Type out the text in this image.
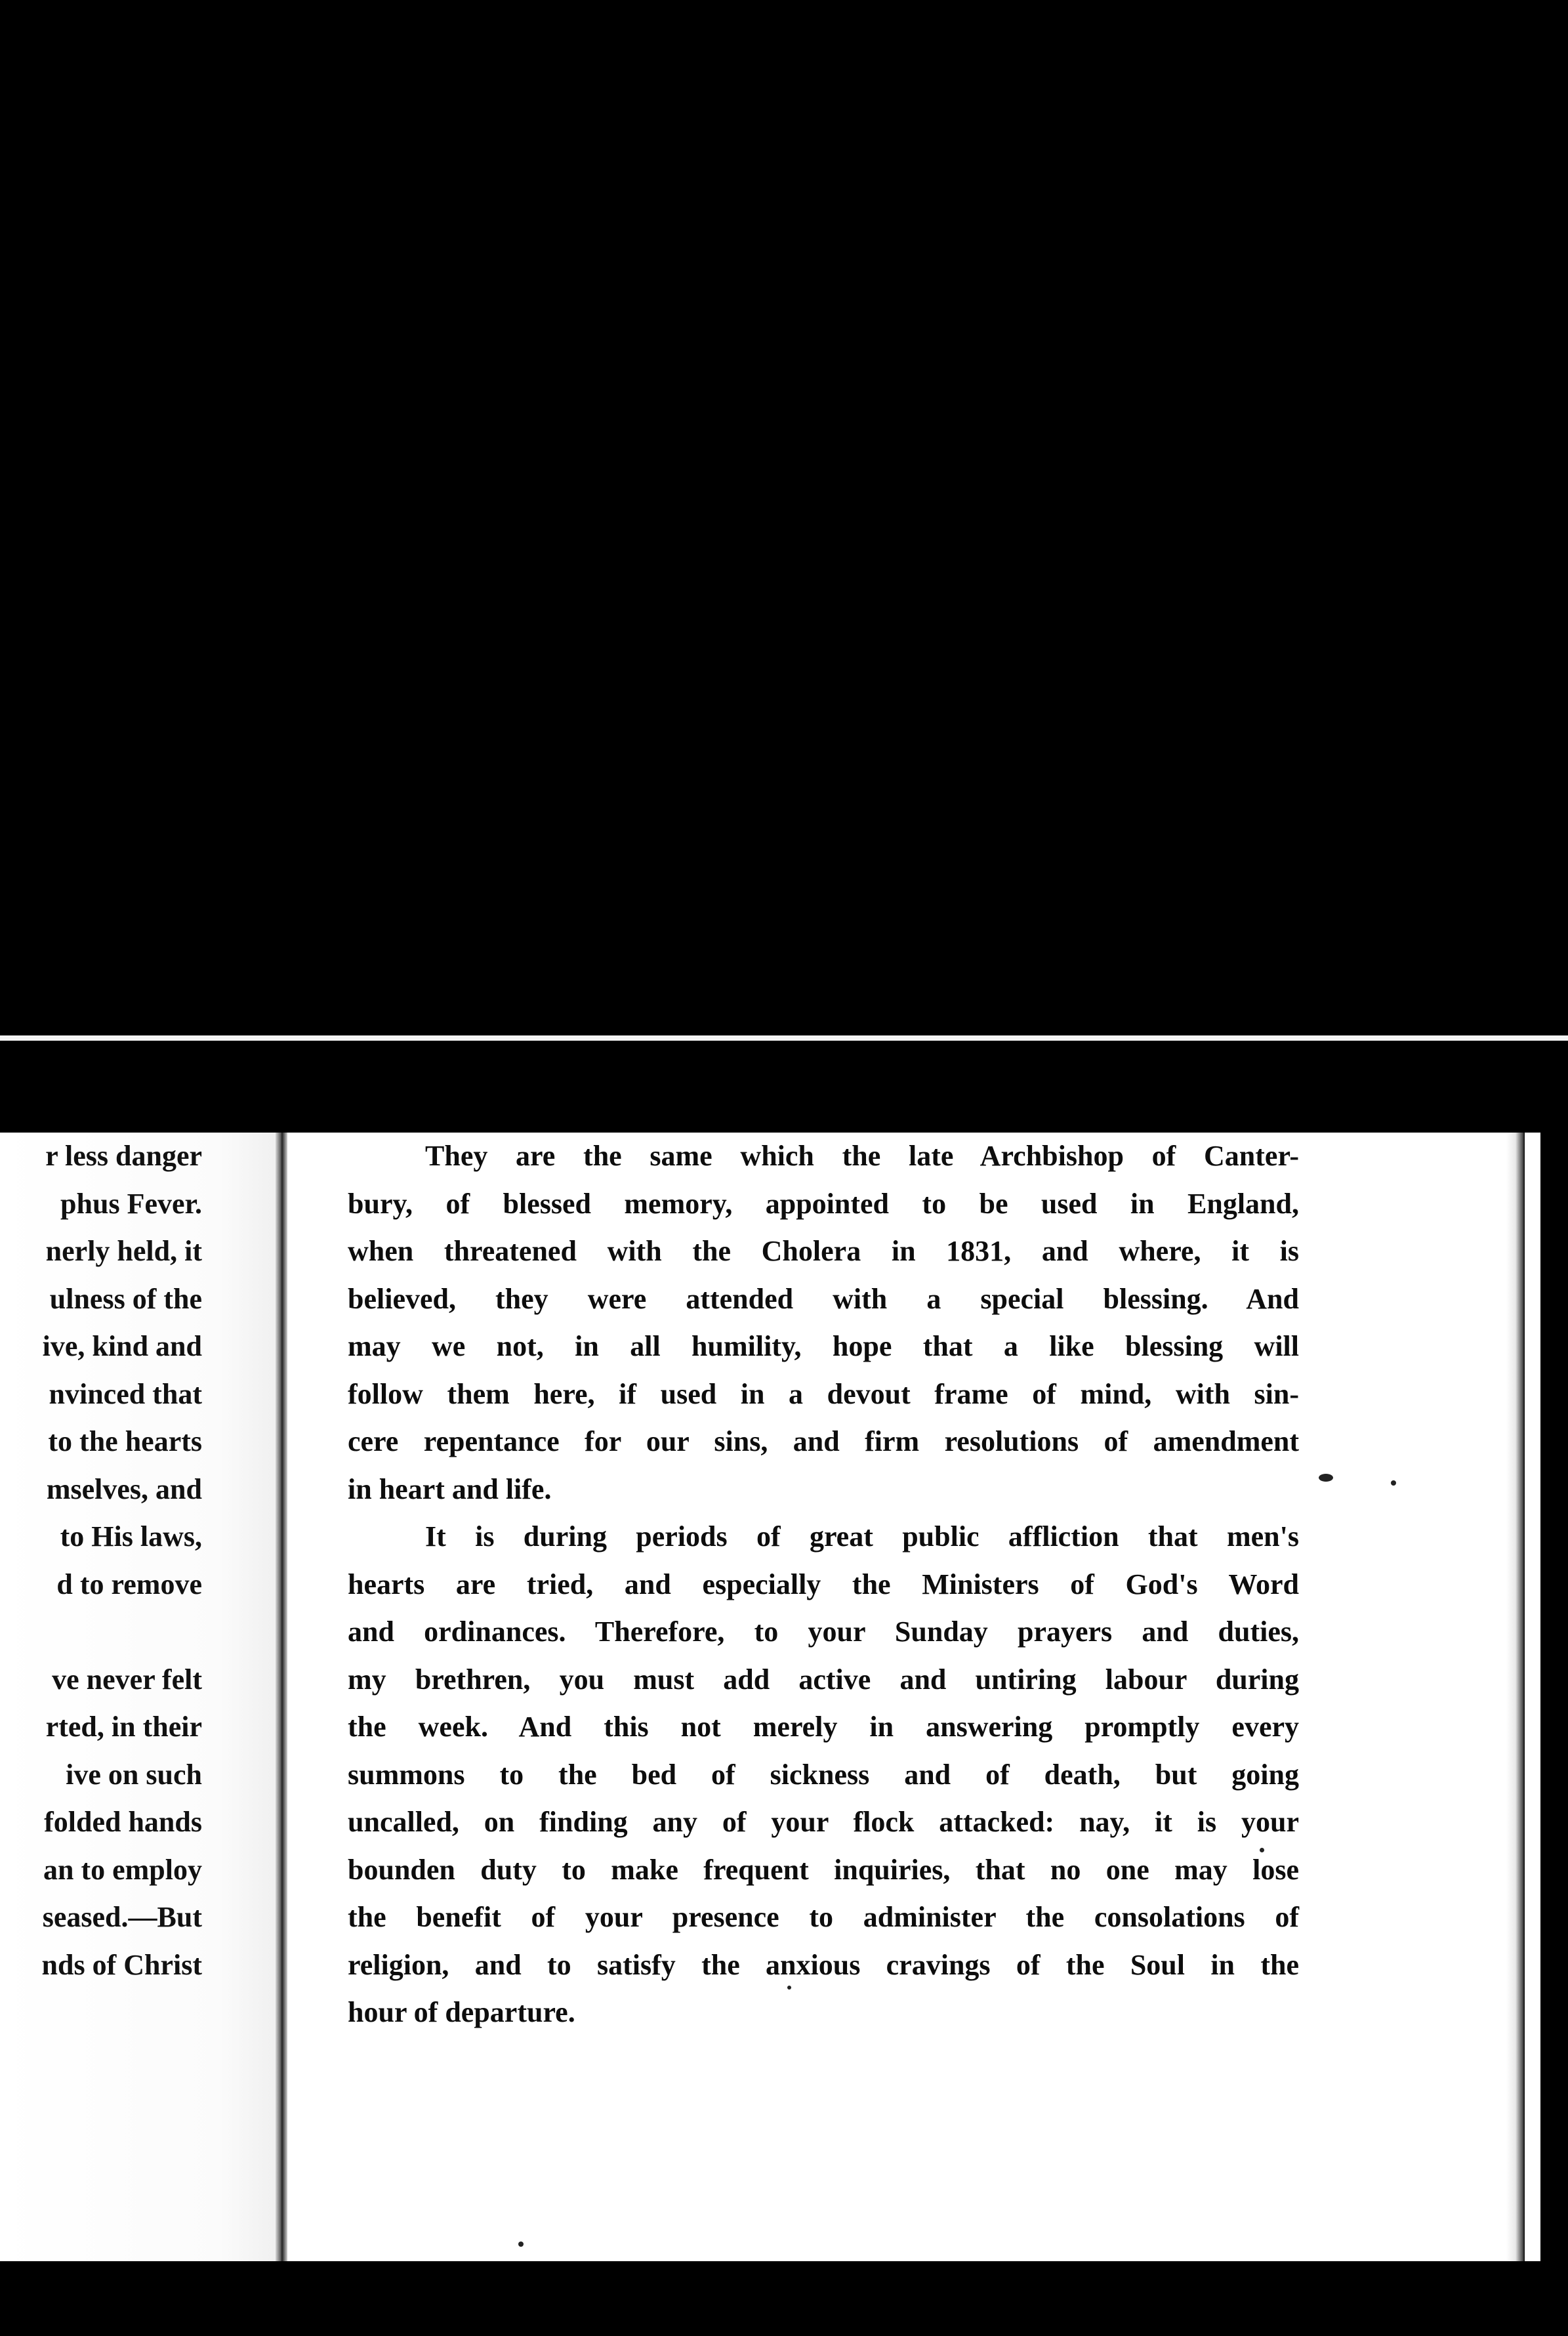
r less danger
phus Fever.
nerly held, it
ulness of the
ive, kind and
nvinced that
to the hearts
mselves, and
to His laws,
d to remove
ve never felt
rted, in their
ive on such
folded hands
an to employ
seased.—But
nds of Christ
They are the same which the late Archbishop of Canter-
bury, of blessed memory, appointed to be used in England,
when threatened with the Cholera in 1831, and where, it is
believed, they were attended with a special blessing. And
may we not, in all humility, hope that a like blessing will
follow them here, if used in a devout frame of mind, with sin-
cere repentance for our sins, and firm resolutions of amendment
in heart and life.
It is during periods of great public affliction that men's
hearts are tried, and especially the Ministers of God's Word
and ordinances. Therefore, to your Sunday prayers and duties,
my brethren, you must add active and untiring labour during
the week. And this not merely in answering promptly every
summons to the bed of sickness and of death, but going
uncalled, on finding any of your flock attacked: nay, it is your
bounden duty to make frequent inquiries, that no one may lose
the benefit of your presence to administer the consolations of
religion, and to satisfy the anxious cravings of the Soul in the
hour of departure.
